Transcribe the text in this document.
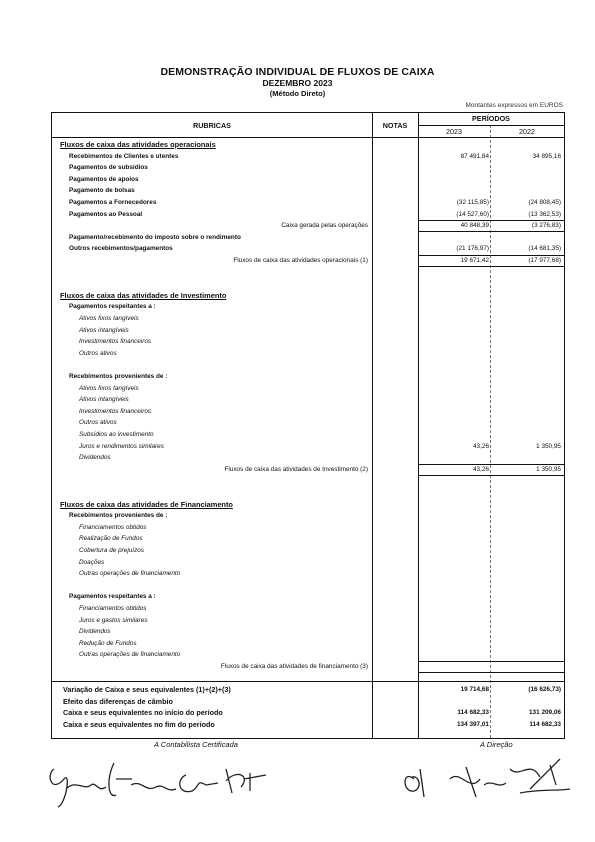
DEMONSTRAÇÃO INDIVIDUAL DE FLUXOS DE CAIXA
DEZEMBRO 2023
(Método Direto)
Montantes expressos em EUROS
RUBRICAS	NOTAS
PERÍODOS
2023	2022
Fluxos de caixa das atividades operacionais
Recebimentos de Clientes e utentes	87 491,84	34 895,16
Pagamentos de subsídios
Pagamentos de apoios
Pagamento de bolsas
Pagamentos a Fornecedores	(32 115,85)	(24 808,45)
Pagamentos ao Pessoal	(14 527,60)	(13 362,53)
Caixa gerada pelas operações	40 848,39	(3 276,83)
Pagamento/recebimento do imposto sobre o rendimento
Outros recebimentos/pagamentos	(21 176,97)	(14 681,35)
Fluxos de caixa das atividades operacionais (1)	19 671,42	(17 977,68)
Fluxos de caixa das atividades de Investimento
Pagamentos respeitantes a :
Ativos fixos tangíveis
Ativos intangíveis
Investimentos financeiros
Outros ativos
Recebimentos provenientes de :
Ativos fixos tangíveis
Ativos intangíveis
Investimentos financeiros
Outros ativos
Subsídios ao investimento
Juros e rendimentos similares	43,26	1 350,95
Dividendos
Fluxos de caixa das atividades de Investimento (2)	43,26	1 350,95
Fluxos de caixa das atividades de Financiamento
Recebimentos provenientes de :
Financiamentos obtidos
Realização de Fundos
Cobertura de prejuízos
Doações
Outras operações de financiamento
Pagamentos respeitantes a :
Financiamentos obtidos
Juros e gastos similares
Dividendos
Redução de Fundos
Outras operações de financiamento
Fluxos de caixa das atividades de financiamento (3)
Variação de Caixa e seus equivalentes (1)+(2)+(3)	19 714,68	(16 626,73)
Efeito das diferenças de câmbio
Caixa e seus equivalentes no início do período	114 682,33	131 209,06
Caixa e seus equivalentes no fim do período	134 397,01	114 682,33
A Contabilista Certificada	A Direção
